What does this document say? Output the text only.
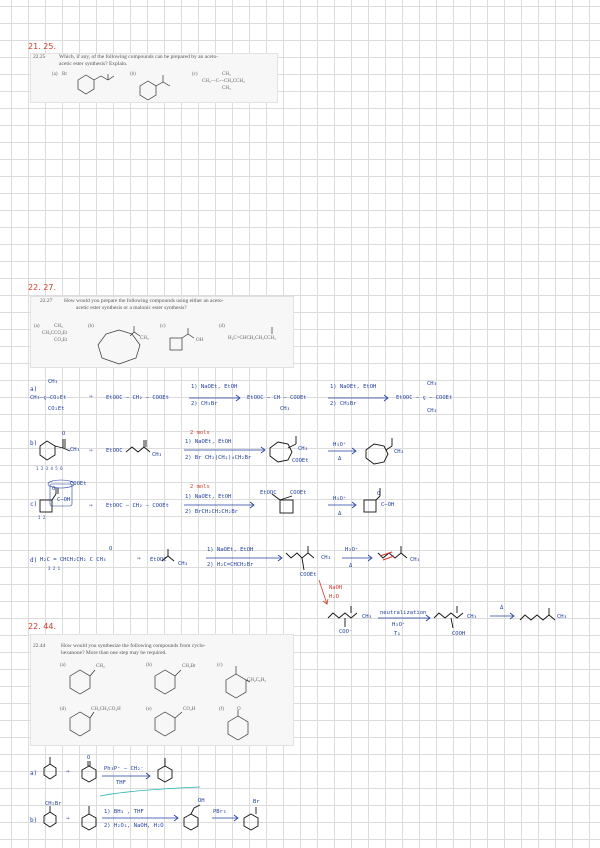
21. 25.
22.25 Which, if any, of the following compounds can be prepared by an aceto-
acetic ester synthesis? Explain.
(a) Br	(b)	(c)	CH₃
CH₃—C—CH₂CCH₃
CH₃
22. 27.
22.27 How would you prepare the following compounds using either an aceto-
acetic ester synthesis or a malonic ester synthesis?
(a)	CH₃
CH₃CCO₂Et
CO₂Et
(b)
CH₃
(c)
OH
(d)
H₂C=CHCH₂CH₂CCH₃
a)
CH₃
CH₃–ç–CO₂Et
CO₂Et
⇒ EtOOC – CH₂ – COOEt
1) NaOEt, EtOH
2) CH₃Br
EtOOC – CH – COOEt
CH₃
1) NaOEt, EtOH
2) CH₃Br
CH₃
EtOOC – ç – COOEt
CH₃
b)
O
CH₃
1 2 3 4 5 6
⇒ EtOOC
CH₃
2 mols
1) NaOEt, EtOH
2) Br CH₂(CH₂)₄CH₂Br
CH₃
COOEt
H₃O⁺
Δ
CH₃
c)
COOEt
O
C–OH
1 2
⇒ EtOOC – CH₂ – COOEt
2 mols
1) NaOEt, EtOH
2) BrCH₂CH₂CH₂Br
EtOOC COOEt
H₃O⁺
Δ
O
C–OH
d)
O
H₂C = CHCH₂CH₂ C CH₃
3 2 1
⇒ EtOOC
CH₃
1) NaOEt, EtOH
2) H₂C=CHCH₂Br
CH₃
COOEt
H₃O⁺
Δ
CH₃
NaOH
H₂O
CH₃
COO⁻
neutralization
H₃O⁺
T↓
CH₃
COOH
Δ
CH₃
22. 44.
22.44	How would you synthesize the following compounds from cyclo-
hexanone? More than one step may be required.
(a)	CH₂	(b)	CH₂Br	(c)
CH₂C₆H₅
(d)	CH₂CH₂CO₂H	(e)	CO₂H	(f)	O
a)	⇒
O
Ph₃P⁺ – CH₂⁻
THF
b)
CH₂Br
⇒
1) BH₃ , THF
2) H₂O₂, NaOH, H₂O
OH
PBr₃
Br
